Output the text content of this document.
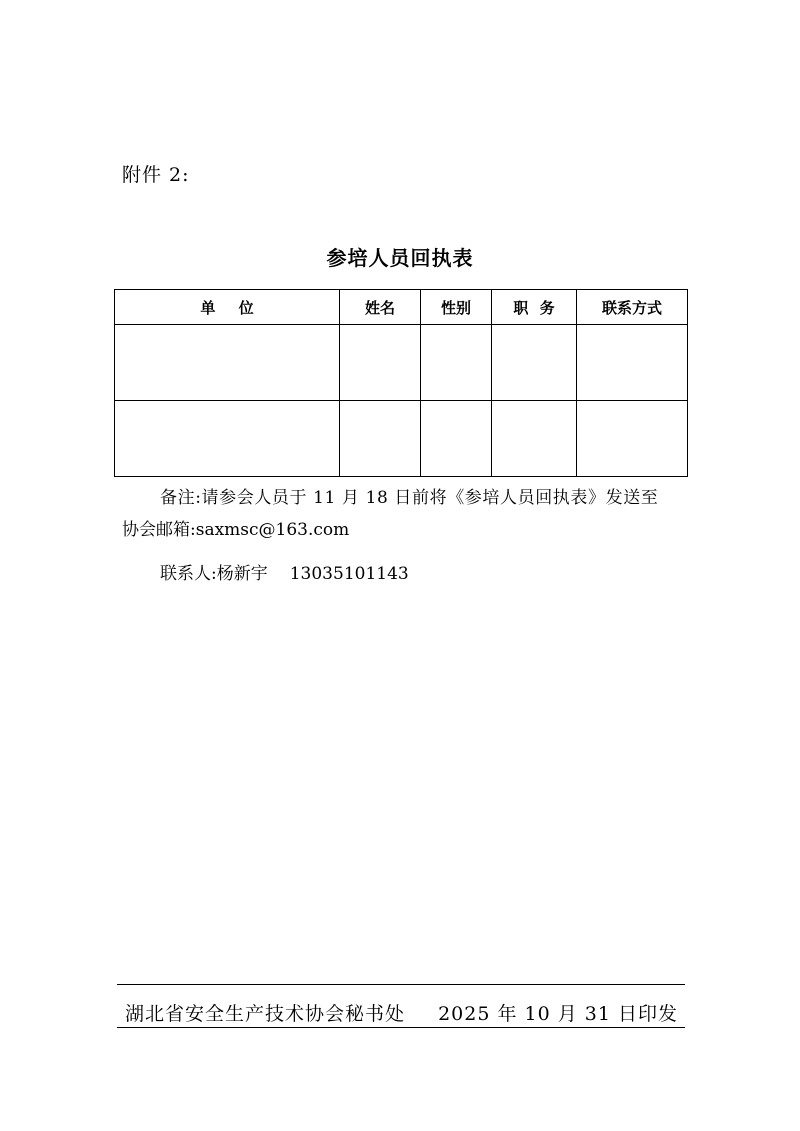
附件 2:
参培人员回执表
单 位	姓名	性别	职 务	联系方式

备注:请参会人员于 11 月 18 日前将《参培人员回执表》发送至
协会邮箱:saxmsc@163.com
联系人:杨新宇 13035101143
湖北省安全生产技术协会秘书处 2025 年 10 月 31 日印发
